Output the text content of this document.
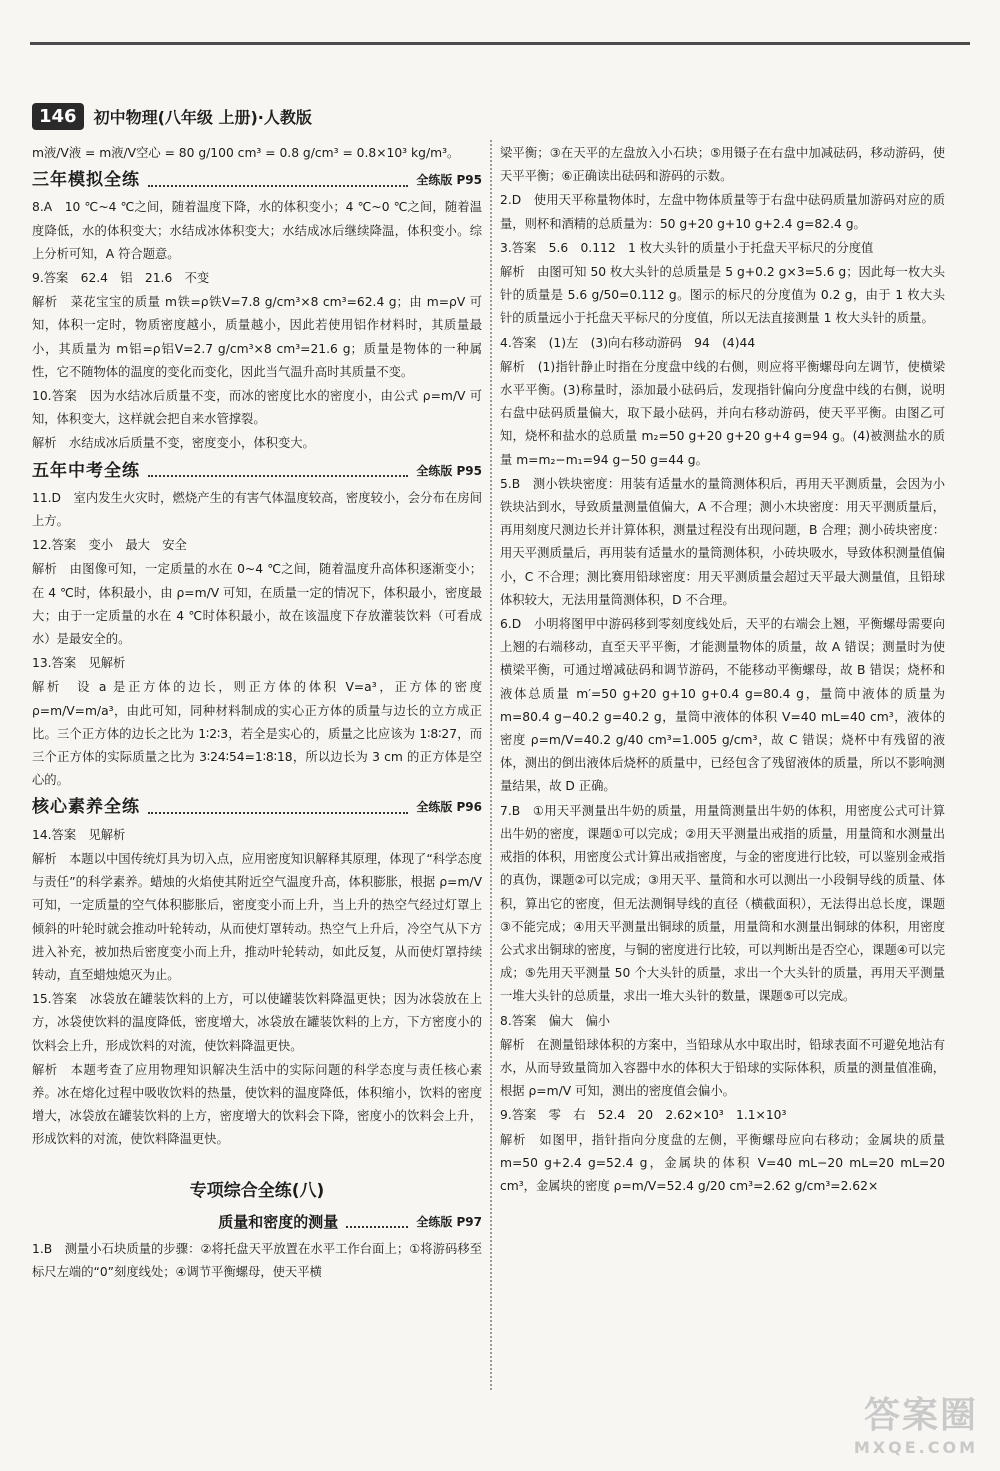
146	初中物理(八年级 上册)·人教版
m液/V液 = m液/V空心 = 80 g/100 cm³ = 0.8 g/cm³ = 0.8×10³ kg/m³。
三年模拟全练	全练版 P95
8.A　10 ℃~4 ℃之间，随着温度下降，水的体积变小；4 ℃~0 ℃之间，随着温度降低，水的体积变大；水结成冰体积变大；水结成冰后继续降温，体积变小。综上分析可知，A 符合题意。
9.答案　62.4　铝　21.6　不变
解析　菜花宝宝的质量 m铁=ρ铁V=7.8 g/cm³×8 cm³=62.4 g；由 m=ρV 可知，体积一定时，物质密度越小，质量越小，因此若使用铝作材料时，其质量最小，其质量为 m铝=ρ铝V=2.7 g/cm³×8 cm³=21.6 g；质量是物体的一种属性，它不随物体的温度的变化而变化，因此当气温升高时其质量不变。
10.答案　因为水结冰后质量不变，而冰的密度比水的密度小，由公式 ρ=m/V 可知，体积变大，这样就会把自来水管撑裂。
解析　水结成冰后质量不变，密度变小，体积变大。
五年中考全练	全练版 P95
11.D　室内发生火灾时，燃烧产生的有害气体温度较高，密度较小，会分布在房间上方。
12.答案　变小　最大　安全
解析　由图像可知，一定质量的水在 0~4 ℃之间，随着温度升高体积逐渐变小；在 4 ℃时，体积最小，由 ρ=m/V 可知，在质量一定的情况下，体积最小，密度最大；由于一定质量的水在 4 ℃时体积最小，故在该温度下存放灌装饮料（可看成水）是最安全的。
13.答案　见解析
解析　设 a 是正方体的边长，则正方体的体积 V=a³，正方体的密度 ρ=m/V=m/a³，由此可知，同种材料制成的实心正方体的质量与边长的立方成正比。三个正方体的边长之比为 1∶2∶3，若全是实心的，质量之比应该为 1∶8∶27，而三个正方体的实际质量之比为 3∶24∶54=1∶8∶18，所以边长为 3 cm 的正方体是空心的。
核心素养全练	全练版 P96
14.答案　见解析
解析　本题以中国传统灯具为切入点，应用密度知识解释其原理，体现了“科学态度与责任”的科学素养。蜡烛的火焰使其附近空气温度升高，体积膨胀，根据 ρ=m/V 可知，一定质量的空气体积膨胀后，密度变小而上升，当上升的热空气经过灯罩上倾斜的叶轮时就会推动叶轮转动，从而使灯罩转动。热空气上升后，冷空气从下方进入补充，被加热后密度变小而上升，推动叶轮转动，如此反复，从而使灯罩持续转动，直至蜡烛熄灭为止。
15.答案　冰袋放在罐装饮料的上方，可以使罐装饮料降温更快；因为冰袋放在上方，冰袋使饮料的温度降低，密度增大，冰袋放在罐装饮料的上方，下方密度小的饮料会上升，形成饮料的对流，使饮料降温更快。
解析　本题考查了应用物理知识解决生活中的实际问题的科学态度与责任核心素养。冰在熔化过程中吸收饮料的热量，使饮料的温度降低，体积缩小，饮料的密度增大，冰袋放在罐装饮料的上方，密度增大的饮料会下降，密度小的饮料会上升，形成饮料的对流，使饮料降温更快。
专项综合全练(八)
质量和密度的测量	全练版 P97
1.B　测量小石块质量的步骤：②将托盘天平放置在水平工作台面上；①将游码移至标尺左端的“0”刻度线处；④调节平衡螺母，使天平横
梁平衡；③在天平的左盘放入小石块；⑤用镊子在右盘中加减砝码，移动游码，使天平平衡；⑥正确读出砝码和游码的示数。
2.D　使用天平称量物体时，左盘中物体质量等于右盘中砝码质量加游码对应的质量，则杯和酒精的总质量为：50 g+20 g+10 g+2.4 g=82.4 g。
3.答案　5.6　0.112　1 枚大头针的质量小于托盘天平标尺的分度值
解析　由图可知 50 枚大头针的总质量是 5 g+0.2 g×3=5.6 g；因此每一枚大头针的质量是 5.6 g/50=0.112 g。图示的标尺的分度值为 0.2 g，由于 1 枚大头针的质量远小于托盘天平标尺的分度值，所以无法直接测量 1 枚大头针的质量。
4.答案　(1)左　(3)向右移动游码　94　(4)44
解析　(1)指针静止时指在分度盘中线的右侧，则应将平衡螺母向左调节，使横梁水平平衡。(3)称量时，添加最小砝码后，发现指针偏向分度盘中线的右侧，说明右盘中砝码质量偏大，取下最小砝码，并向右移动游码，使天平平衡。由图乙可知，烧杯和盐水的总质量 m₂=50 g+20 g+20 g+4 g=94 g。(4)被测盐水的质量 m=m₂−m₁=94 g−50 g=44 g。
5.B　测小铁块密度：用装有适量水的量筒测体积后，再用天平测质量，会因为小铁块沾到水，导致质量测量值偏大，A 不合理；测小木块密度：用天平测质量后，再用刻度尺测边长并计算体积，测量过程没有出现问题，B 合理；测小砖块密度：用天平测质量后，再用装有适量水的量筒测体积，小砖块吸水，导致体积测量值偏小，C 不合理；测比赛用铅球密度：用天平测质量会超过天平最大测量值，且铅球体积较大，无法用量筒测体积，D 不合理。
6.D　小明将图甲中游码移到零刻度线处后，天平的右端会上翘，平衡螺母需要向上翘的右端移动，直至天平平衡，才能测量物体的质量，故 A 错误；测量时为使横梁平衡，可通过增减砝码和调节游码，不能移动平衡螺母，故 B 错误；烧杯和液体总质量 m′=50 g+20 g+10 g+0.4 g=80.4 g，量筒中液体的质量为 m=80.4 g−40.2 g=40.2 g，量筒中液体的体积 V=40 mL=40 cm³，液体的密度 ρ=m/V=40.2 g/40 cm³=1.005 g/cm³，故 C 错误；烧杯中有残留的液体，测出的倒出液体后烧杯的质量中，已经包含了残留液体的质量，所以不影响测量结果，故 D 正确。
7.B　①用天平测量出牛奶的质量，用量筒测量出牛奶的体积，用密度公式可计算出牛奶的密度，课题①可以完成；②用天平测量出戒指的质量，用量筒和水测量出戒指的体积，用密度公式计算出戒指密度，与金的密度进行比较，可以鉴别金戒指的真伪，课题②可以完成；③用天平、量筒和水可以测出一小段铜导线的质量、体积，算出它的密度，但无法测铜导线的直径（横截面积），无法得出总长度，课题③不能完成；④用天平测量出铜球的质量，用量筒和水测量出铜球的体积，用密度公式求出铜球的密度，与铜的密度进行比较，可以判断出是否空心，课题④可以完成；⑤先用天平测量 50 个大头针的质量，求出一个大头针的质量，再用天平测量一堆大头针的总质量，求出一堆大头针的数量，课题⑤可以完成。
8.答案　偏大　偏小
解析　在测量铅球体积的方案中，当铅球从水中取出时，铅球表面不可避免地沾有水，从而导致量筒加入容器中水的体积大于铅球的实际体积，质量的测量值准确，根据 ρ=m/V 可知，测出的密度值会偏小。
9.答案　零　右　52.4　20　2.62×10³　1.1×10³
解析　如图甲，指针指向分度盘的左侧，平衡螺母应向右移动；金属块的质量 m=50 g+2.4 g=52.4 g，金属块的体积 V=40 mL−20 mL=20 mL=20 cm³，金属块的密度 ρ=m/V=52.4 g/20 cm³=2.62 g/cm³=2.62×
答案圈
MXQE.COM
